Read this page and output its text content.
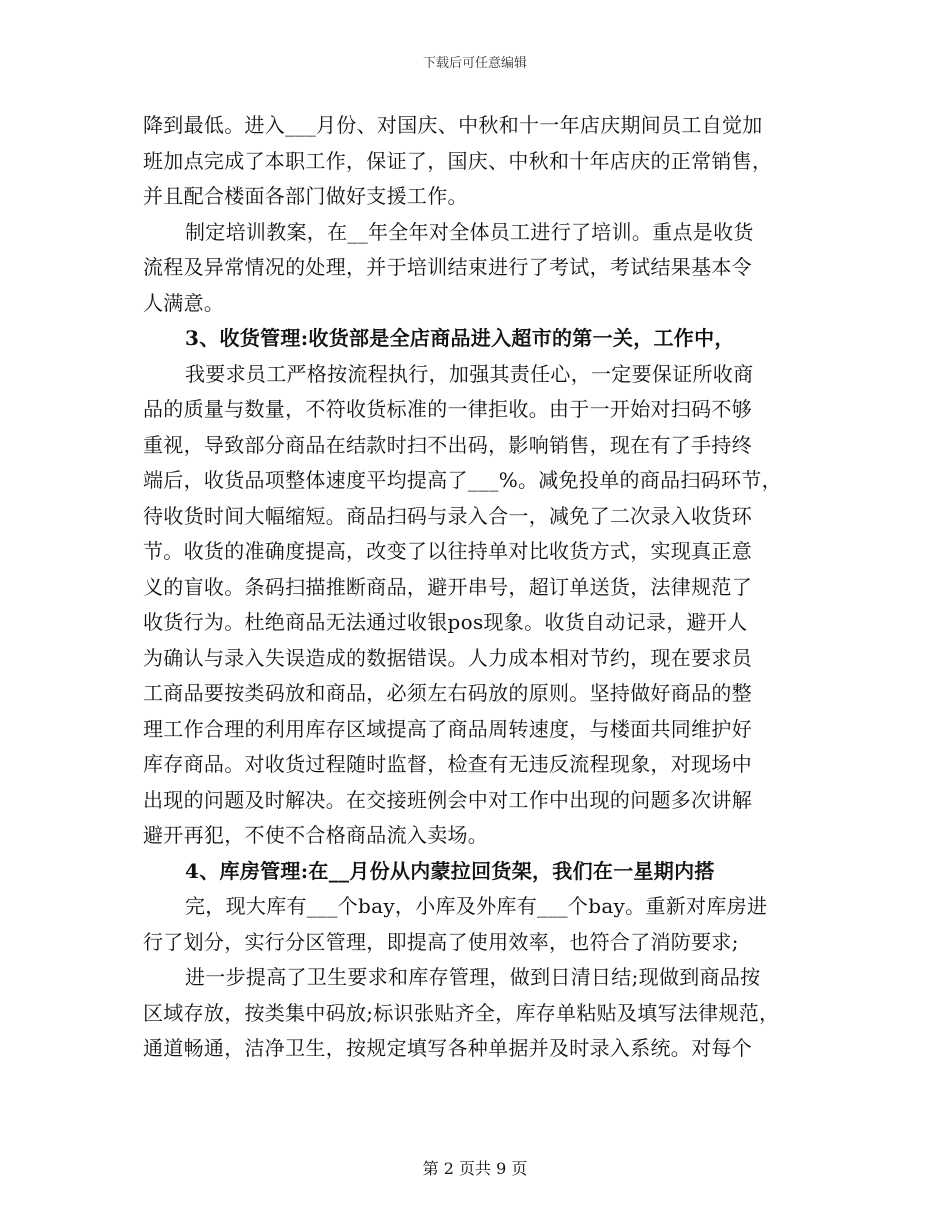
下载后可任意编辑
降到最低。进入___月份、对国庆、中秋和十一年店庆期间员工自觉加
班加点完成了本职工作，保证了，国庆、中秋和十年店庆的正常销售，
并且配合楼面各部门做好支援工作。
制定培训教案，在__年全年对全体员工进行了培训。重点是收货
流程及异常情况的处理，并于培训结束进行了考试，考试结果基本令
人满意。
3、收货管理:收货部是全店商品进入超市的第一关，工作中，
我要求员工严格按流程执行，加强其责任心，一定要保证所收商
品的质量与数量，不符收货标准的一律拒收。由于一开始对扫码不够
重视，导致部分商品在结款时扫不出码，影响销售，现在有了手持终
端后，收货品项整体速度平均提高了___%。减免投单的商品扫码环节，
待收货时间大幅缩短。商品扫码与录入合一，减免了二次录入收货环
节。收货的准确度提高，改变了以往持单对比收货方式，实现真正意
义的盲收。条码扫描推断商品，避开串号，超订单送货，法律规范了
收货行为。杜绝商品无法通过收银pos现象。收货自动记录，避开人
为确认与录入失误造成的数据错误。人力成本相对节约，现在要求员
工商品要按类码放和商品，必须左右码放的原则。坚持做好商品的整
理工作合理的利用库存区域提高了商品周转速度，与楼面共同维护好
库存商品。对收货过程随时监督，检查有无违反流程现象，对现场中
出现的问题及时解决。在交接班例会中对工作中出现的问题多次讲解
避开再犯，不使不合格商品流入卖场。
4、库房管理:在__月份从内蒙拉回货架，我们在一星期内搭
完，现大库有___个bay，小库及外库有___个bay。重新对库房进
行了划分，实行分区管理，即提高了使用效率，也符合了消防要求;
进一步提高了卫生要求和库存管理，做到日清日结;现做到商品按
区域存放，按类集中码放;标识张贴齐全，库存单粘贴及填写法律规范，
通道畅通，洁净卫生，按规定填写各种单据并及时录入系统。对每个
第 2 页共 9 页
